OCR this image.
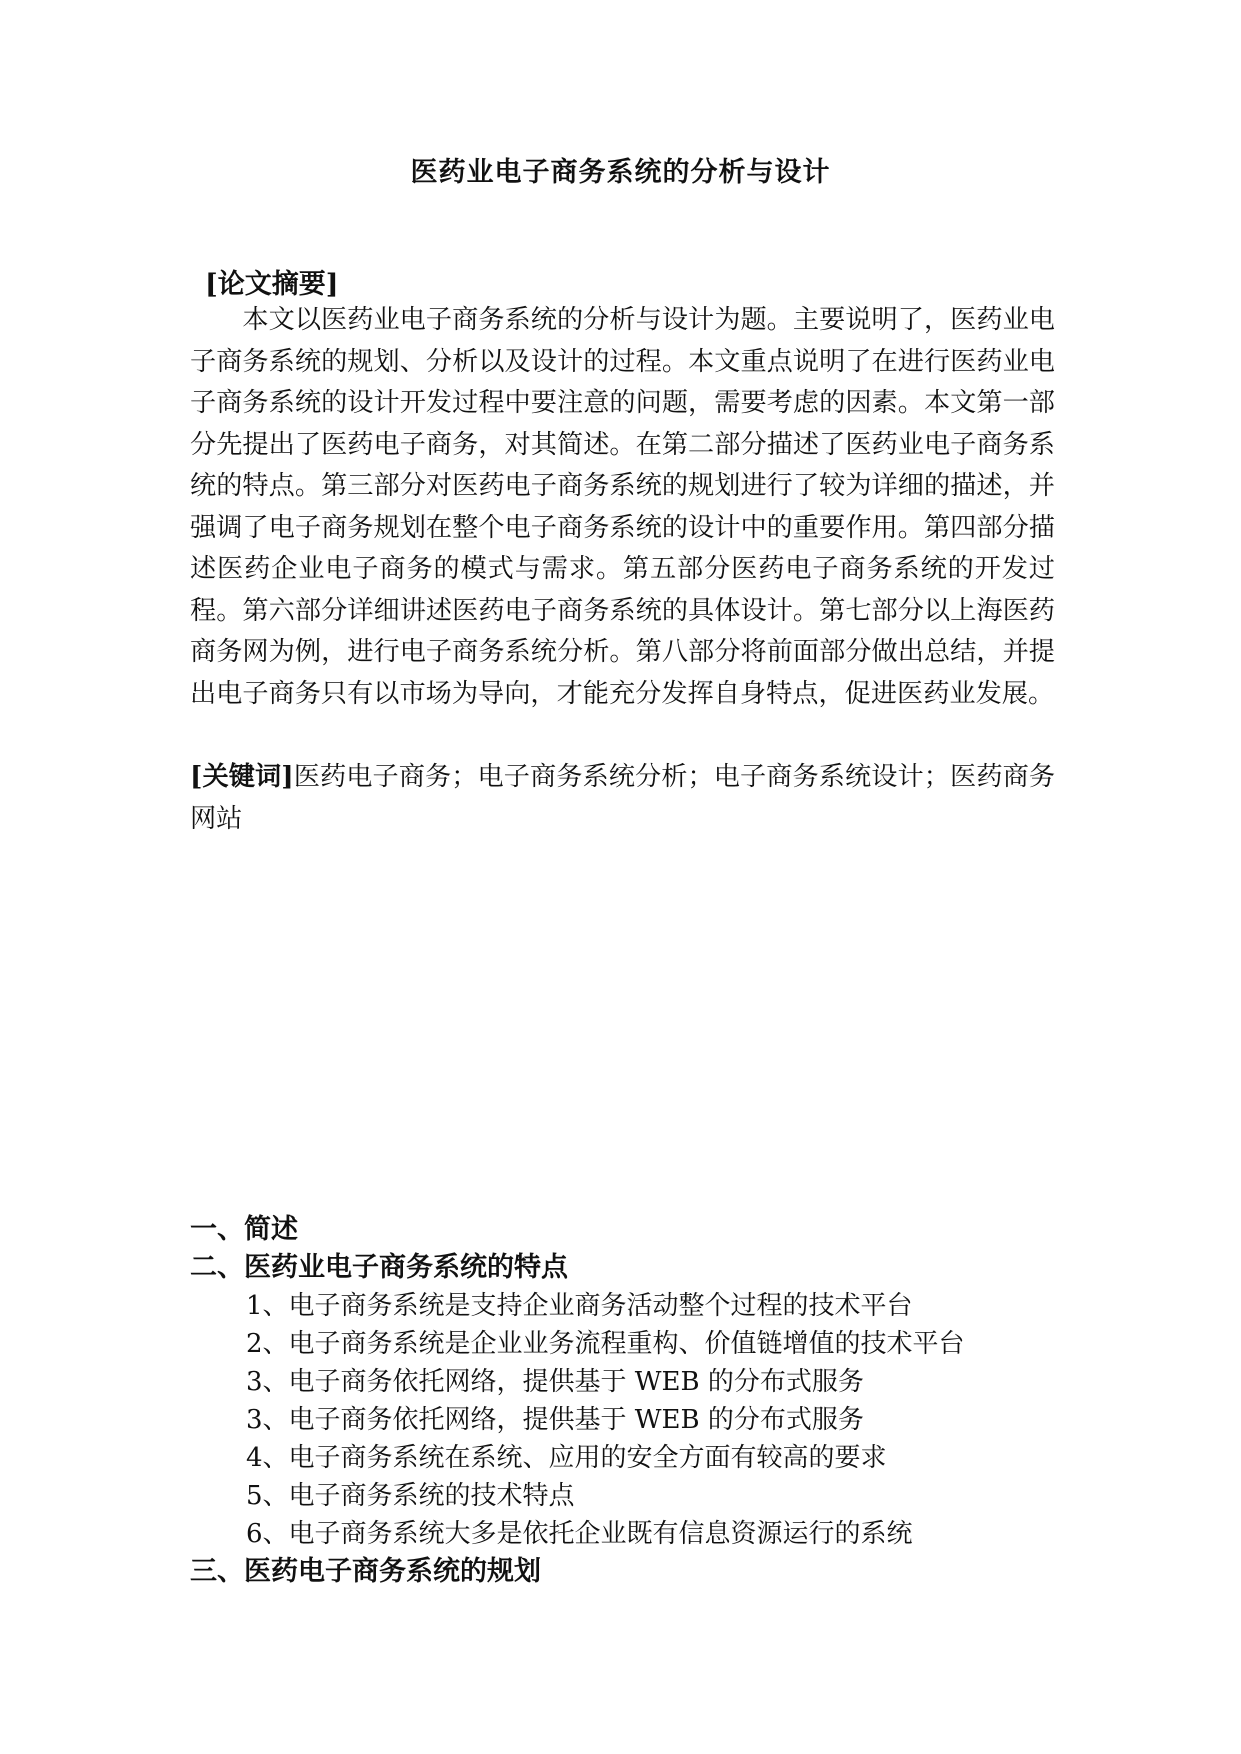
医药业电子商务系统的分析与设计
[论文摘要]

本文以医药业电子商务系统的分析与设计为题。主要说明了，医药业电子商务系统的规划、分析以及设计的过程。本文重点说明了在进行医药业电子商务系统的设计开发过程中要注意的问题，需要考虑的因素。本文第一部分先提出了医药电子商务，对其简述。在第二部分描述了医药业电子商务系统的特点。第三部分对医药电子商务系统的规划进行了较为详细的描述，并强调了电子商务规划在整个电子商务系统的设计中的重要作用。第四部分描述医药企业电子商务的模式与需求。第五部分医药电子商务系统的开发过程。第六部分详细讲述医药电子商务系统的具体设计。第七部分以上海医药商务网为例，进行电子商务系统分析。第八部分将前面部分做出总结，并提出电子商务只有以市场为导向，才能充分发挥自身特点，促进医药业发展。

[关键词]医药电子商务；电子商务系统分析；电子商务系统设计；医药商务网站

一、简述
二、医药业电子商务系统的特点
1、电子商务系统是支持企业商务活动整个过程的技术平台
2、电子商务系统是企业业务流程重构、价值链增值的技术平台
3、电子商务依托网络，提供基于 WEB 的分布式服务
3、电子商务依托网络，提供基于 WEB 的分布式服务
4、电子商务系统在系统、应用的安全方面有较高的要求
5、电子商务系统的技术特点
6、电子商务系统大多是依托企业既有信息资源运行的系统
三、医药电子商务系统的规划
